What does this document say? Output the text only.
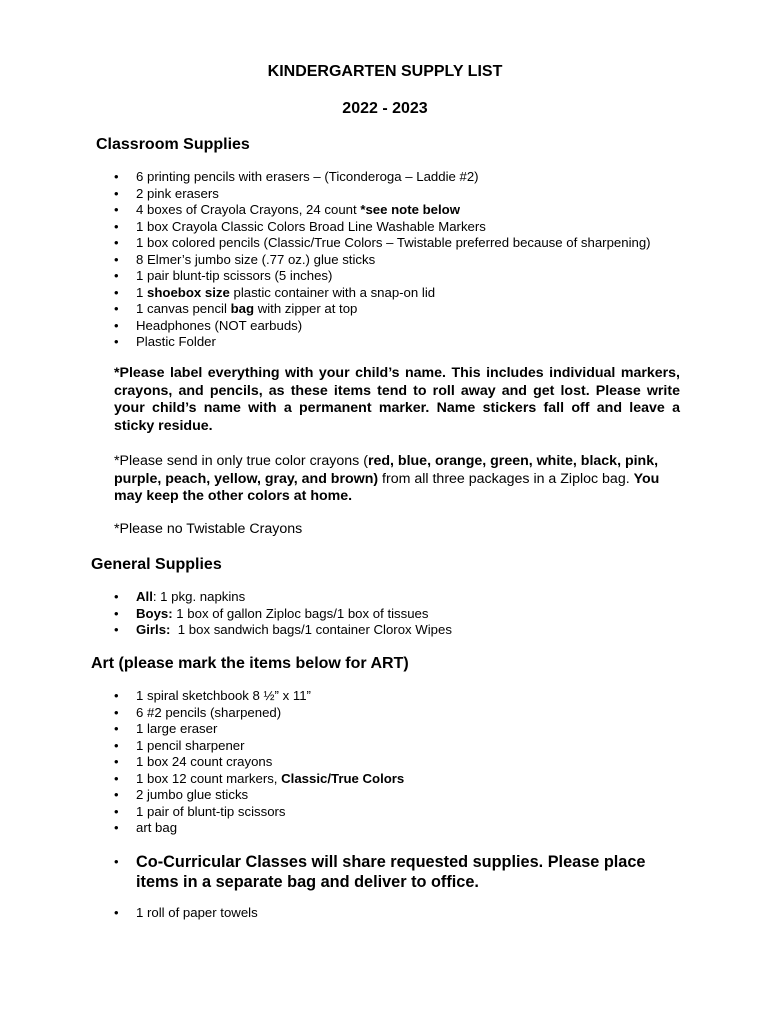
KINDERGARTEN SUPPLY LIST
2022 - 2023
Classroom Supplies
• 6 printing pencils with erasers – (Ticonderoga – Laddie #2)
• 2 pink erasers
• 4 boxes of Crayola Crayons, 24 count *see note below
• 1 box Crayola Classic Colors Broad Line Washable Markers
• 1 box colored pencils (Classic/True Colors – Twistable preferred because of sharpening)
• 8 Elmer’s jumbo size (.77 oz.) glue sticks
• 1 pair blunt-tip scissors (5 inches)
• 1 shoebox size plastic container with a snap-on lid
• 1 canvas pencil bag with zipper at top
• Headphones (NOT earbuds)
• Plastic Folder
*Please label everything with your child’s name. This includes individual markers, crayons, and pencils, as these items tend to roll away and get lost. Please write your child’s name with a permanent marker. Name stickers fall off and leave a sticky residue.
*Please send in only true color crayons (red, blue, orange, green, white, black, pink, purple, peach, yellow, gray, and brown) from all three packages in a Ziploc bag. You may keep the other colors at home.
*Please no Twistable Crayons
General Supplies
• All: 1 pkg. napkins
• Boys: 1 box of gallon Ziploc bags/1 box of tissues
• Girls:  1 box sandwich bags/1 container Clorox Wipes
Art (please mark the items below for ART)
• 1 spiral sketchbook 8 ½” x 11”
• 6 #2 pencils (sharpened)
• 1 large eraser
• 1 pencil sharpener
• 1 box 24 count crayons
• 1 box 12 count markers, Classic/True Colors
• 2 jumbo glue sticks
• 1 pair of blunt-tip scissors
• art bag
• Co-Curricular Classes will share requested supplies. Please place items in a separate bag and deliver to office.
• 1 roll of paper towels
